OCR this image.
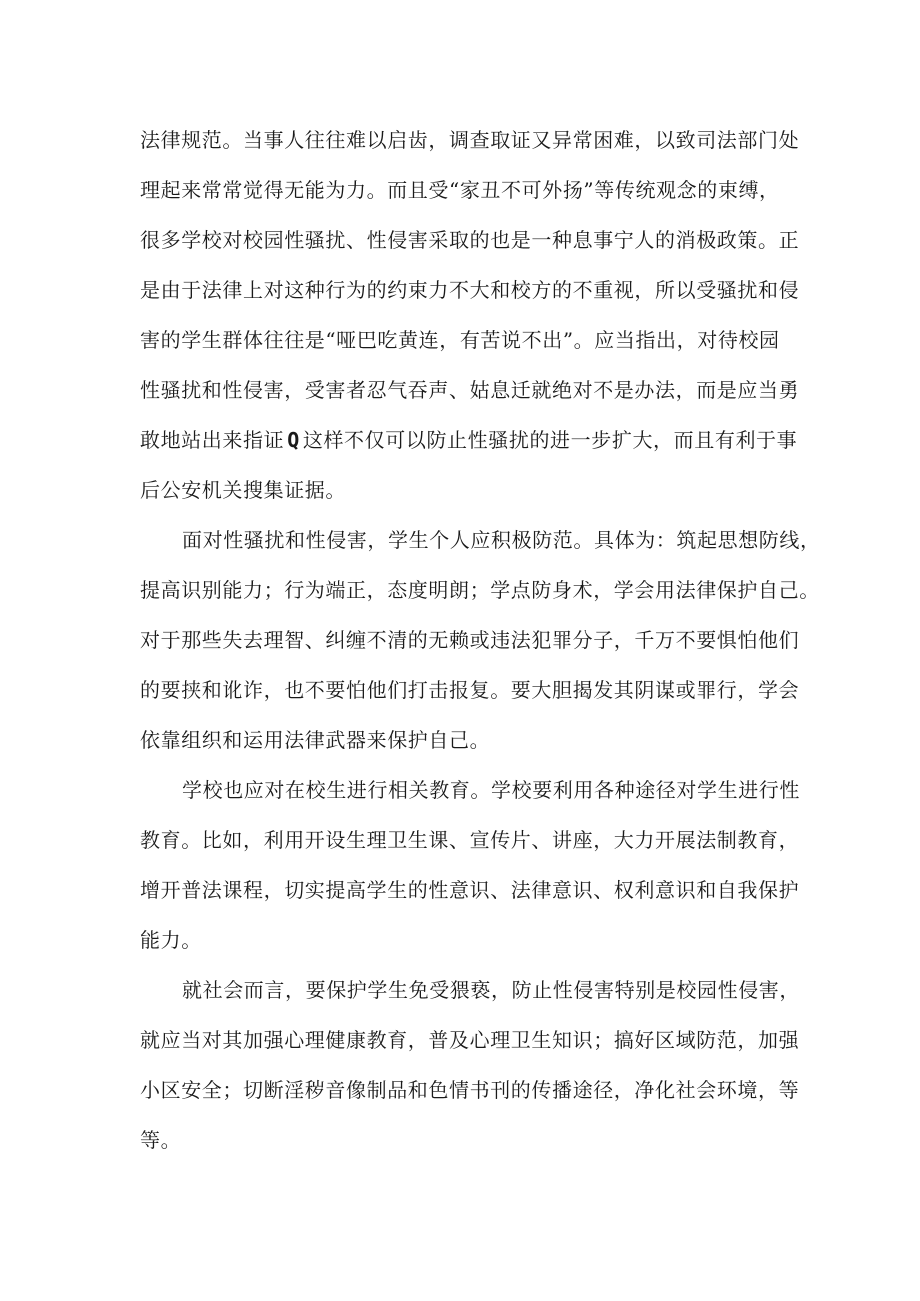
法律规范。当事人往往难以启齿，调查取证又异常困难，以致司法部门处
理起来常常觉得无能为力。而且受“家丑不可外扬”等传统观念的束缚，
很多学校对校园性骚扰、性侵害采取的也是一种息事宁人的消极政策。正
是由于法律上对这种行为的约束力不大和校方的不重视，所以受骚扰和侵
害的学生群体往往是“哑巴吃黄连，有苦说不出”。应当指出，对待校园
性骚扰和性侵害，受害者忍气吞声、姑息迁就绝对不是办法，而是应当勇
敢地站出来指证 Q 这样不仅可以防止性骚扰的进一步扩大，而且有利于事
后公安机关搜集证据。
面对性骚扰和性侵害，学生个人应积极防范。具体为：筑起思想防线，
提高识别能力；行为端正，态度明朗；学点防身术，学会用法律保护自己。
对于那些失去理智、纠缠不清的无赖或违法犯罪分子，千万不要惧怕他们
的要挟和讹诈，也不要怕他们打击报复。要大胆揭发其阴谋或罪行，学会
依靠组织和运用法律武器来保护自己。
学校也应对在校生进行相关教育。学校要利用各种途径对学生进行性
教育。比如，利用开设生理卫生课、宣传片、讲座，大力开展法制教育，
增开普法课程，切实提高学生的性意识、法律意识、权利意识和自我保护
能力。
就社会而言，要保护学生免受猥亵，防止性侵害特别是校园性侵害，
就应当对其加强心理健康教育，普及心理卫生知识；搞好区域防范，加强
小区安全；切断淫秽音像制品和色情书刊的传播途径，净化社会环境，等
等。
